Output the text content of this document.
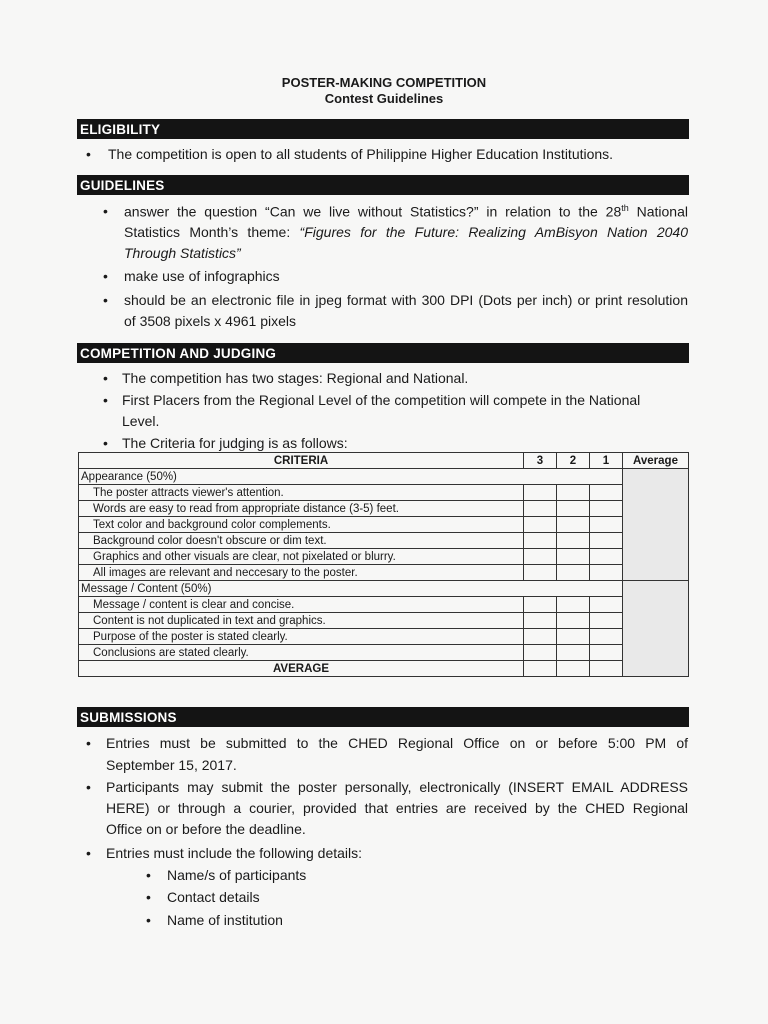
POSTER-MAKING COMPETITION
Contest Guidelines
ELIGIBILITY
• The competition is open to all students of Philippine Higher Education Institutions.
GUIDELINES
• answer the question “Can we live without Statistics?” in relation to the 28th National
Statistics Month’s theme: “Figures for the Future: Realizing AmBisyon Nation 2040
Through Statistics”
• make use of infographics
• should be an electronic file in jpeg format with 300 DPI (Dots per inch) or print resolution
of 3508 pixels x 4961 pixels
COMPETITION AND JUDGING
• The competition has two stages: Regional and National.
• First Placers from the Regional Level of the competition will compete in the National
Level.
• The Criteria for judging is as follows:
CRITERIA	3	2	1	Average
Appearance (50%)				
The poster attracts viewer's attention.				
Words are easy to read from appropriate distance (3-5) feet.				
Text color and background color complements.				
Background color doesn't obscure or dim text.				
Graphics and other visuals are clear, not pixelated or blurry.				
All images are relevant and neccesary to the poster.				
Message / Content (50%)				
Message / content is clear and concise.				
Content is not duplicated in text and graphics.				
Purpose of the poster is stated clearly.				
Conclusions are stated clearly.				
AVERAGE				
SUBMISSIONS
• Entries must be submitted to the CHED Regional Office on or before 5:00 PM of
September 15, 2017.
• Participants may submit the poster personally, electronically (INSERT EMAIL ADDRESS
HERE) or through a courier, provided that entries are received by the CHED Regional
Office on or before the deadline.
• Entries must include the following details:
• Name/s of participants
• Contact details
• Name of institution
